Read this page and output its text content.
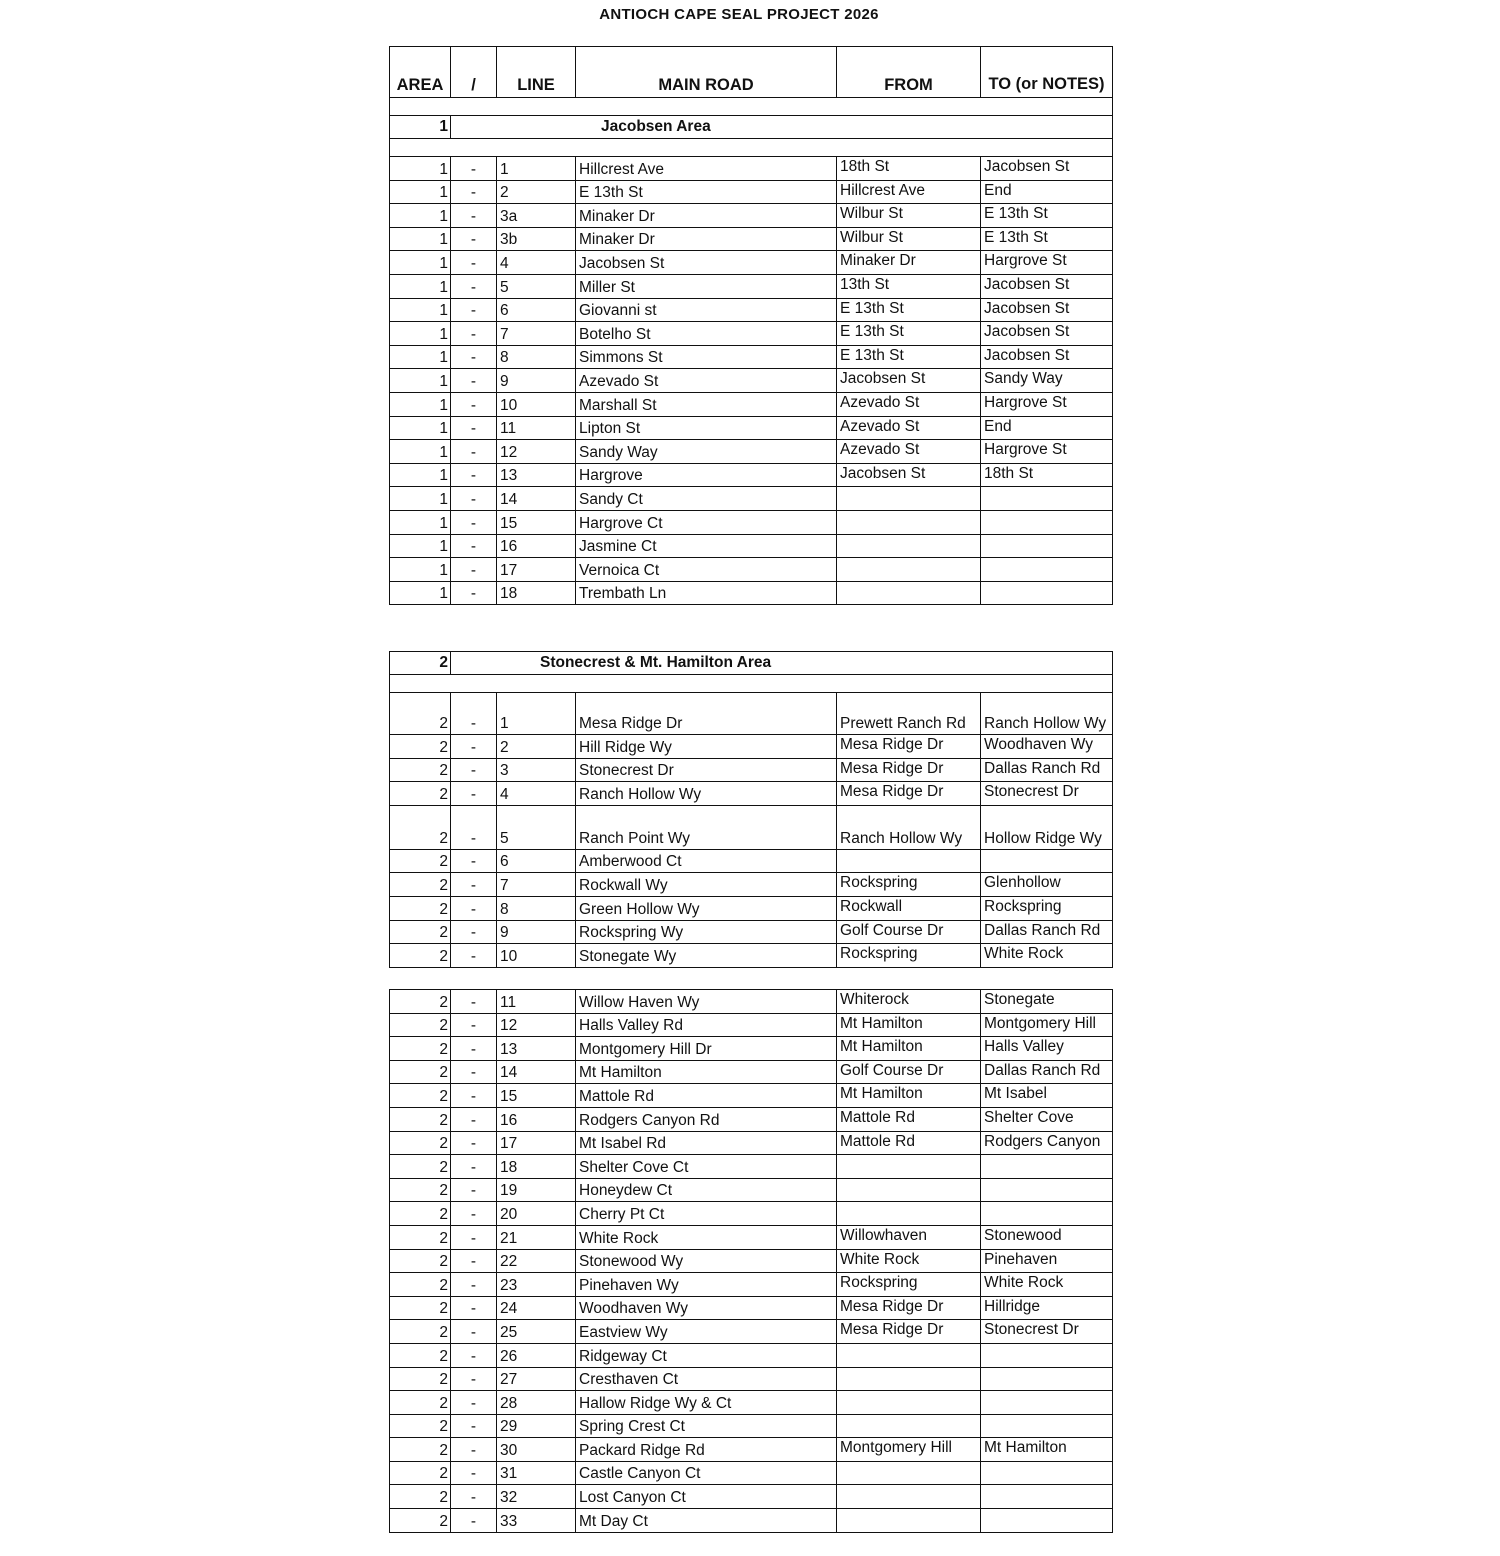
ANTIOCH CAPE SEAL PROJECT 2026
AREA	/	LINE	MAIN ROAD	FROM	TO (or NOTES)

1	Jacobsen Area				

1	-	1	Hillcrest Ave	18th St	Jacobsen St
1	-	2	E 13th St	Hillcrest Ave	End
1	-	3a	Minaker Dr	Wilbur St	E 13th St
1	-	3b	Minaker Dr	Wilbur St	E 13th St
1	-	4	Jacobsen St	Minaker Dr	Hargrove St
1	-	5	Miller St	13th St	Jacobsen St
1	-	6	Giovanni st	E 13th St	Jacobsen St
1	-	7	Botelho St	E 13th St	Jacobsen St
1	-	8	Simmons St	E 13th St	Jacobsen St
1	-	9	Azevado St	Jacobsen St	Sandy Way
1	-	10	Marshall St	Azevado St	Hargrove St
1	-	11	Lipton St	Azevado St	End
1	-	12	Sandy Way	Azevado St	Hargrove St
1	-	13	Hargrove	Jacobsen St	18th St
1	-	14	Sandy Ct		
1	-	15	Hargrove Ct		
1	-	16	Jasmine Ct		
1	-	17	Vernoica Ct		
1	-	18	Trembath Ln		
2	Stonecrest & Mt. Hamilton Area				

2	-	1	Mesa Ridge Dr	Prewett Ranch Rd	Ranch Hollow Wy
2	-	2	Hill Ridge Wy	Mesa Ridge Dr	Woodhaven Wy
2	-	3	Stonecrest Dr	Mesa Ridge Dr	Dallas Ranch Rd
2	-	4	Ranch Hollow Wy	Mesa Ridge Dr	Stonecrest Dr
2	-	5	Ranch Point Wy	Ranch Hollow Wy	Hollow Ridge Wy
2	-	6	Amberwood Ct		
2	-	7	Rockwall Wy	Rockspring	Glenhollow
2	-	8	Green Hollow Wy	Rockwall	Rockspring
2	-	9	Rockspring Wy	Golf Course Dr	Dallas Ranch Rd
2	-	10	Stonegate Wy	Rockspring	White Rock
2	-	11	Willow Haven Wy	Whiterock	Stonegate
2	-	12	Halls Valley Rd	Mt Hamilton	Montgomery Hill
2	-	13	Montgomery Hill Dr	Mt Hamilton	Halls Valley
2	-	14	Mt Hamilton	Golf Course Dr	Dallas Ranch Rd
2	-	15	Mattole Rd	Mt Hamilton	Mt Isabel
2	-	16	Rodgers Canyon Rd	Mattole Rd	Shelter Cove
2	-	17	Mt Isabel Rd	Mattole Rd	Rodgers Canyon
2	-	18	Shelter Cove Ct		
2	-	19	Honeydew Ct		
2	-	20	Cherry Pt Ct		
2	-	21	White Rock	Willowhaven	Stonewood
2	-	22	Stonewood Wy	White Rock	Pinehaven
2	-	23	Pinehaven Wy	Rockspring	White Rock
2	-	24	Woodhaven Wy	Mesa Ridge Dr	Hillridge
2	-	25	Eastview Wy	Mesa Ridge Dr	Stonecrest Dr
2	-	26	Ridgeway Ct		
2	-	27	Cresthaven Ct		
2	-	28	Hallow Ridge Wy & Ct		
2	-	29	Spring Crest Ct		
2	-	30	Packard Ridge Rd	Montgomery Hill	Mt Hamilton
2	-	31	Castle Canyon Ct		
2	-	32	Lost Canyon Ct		
2	-	33	Mt Day Ct		
